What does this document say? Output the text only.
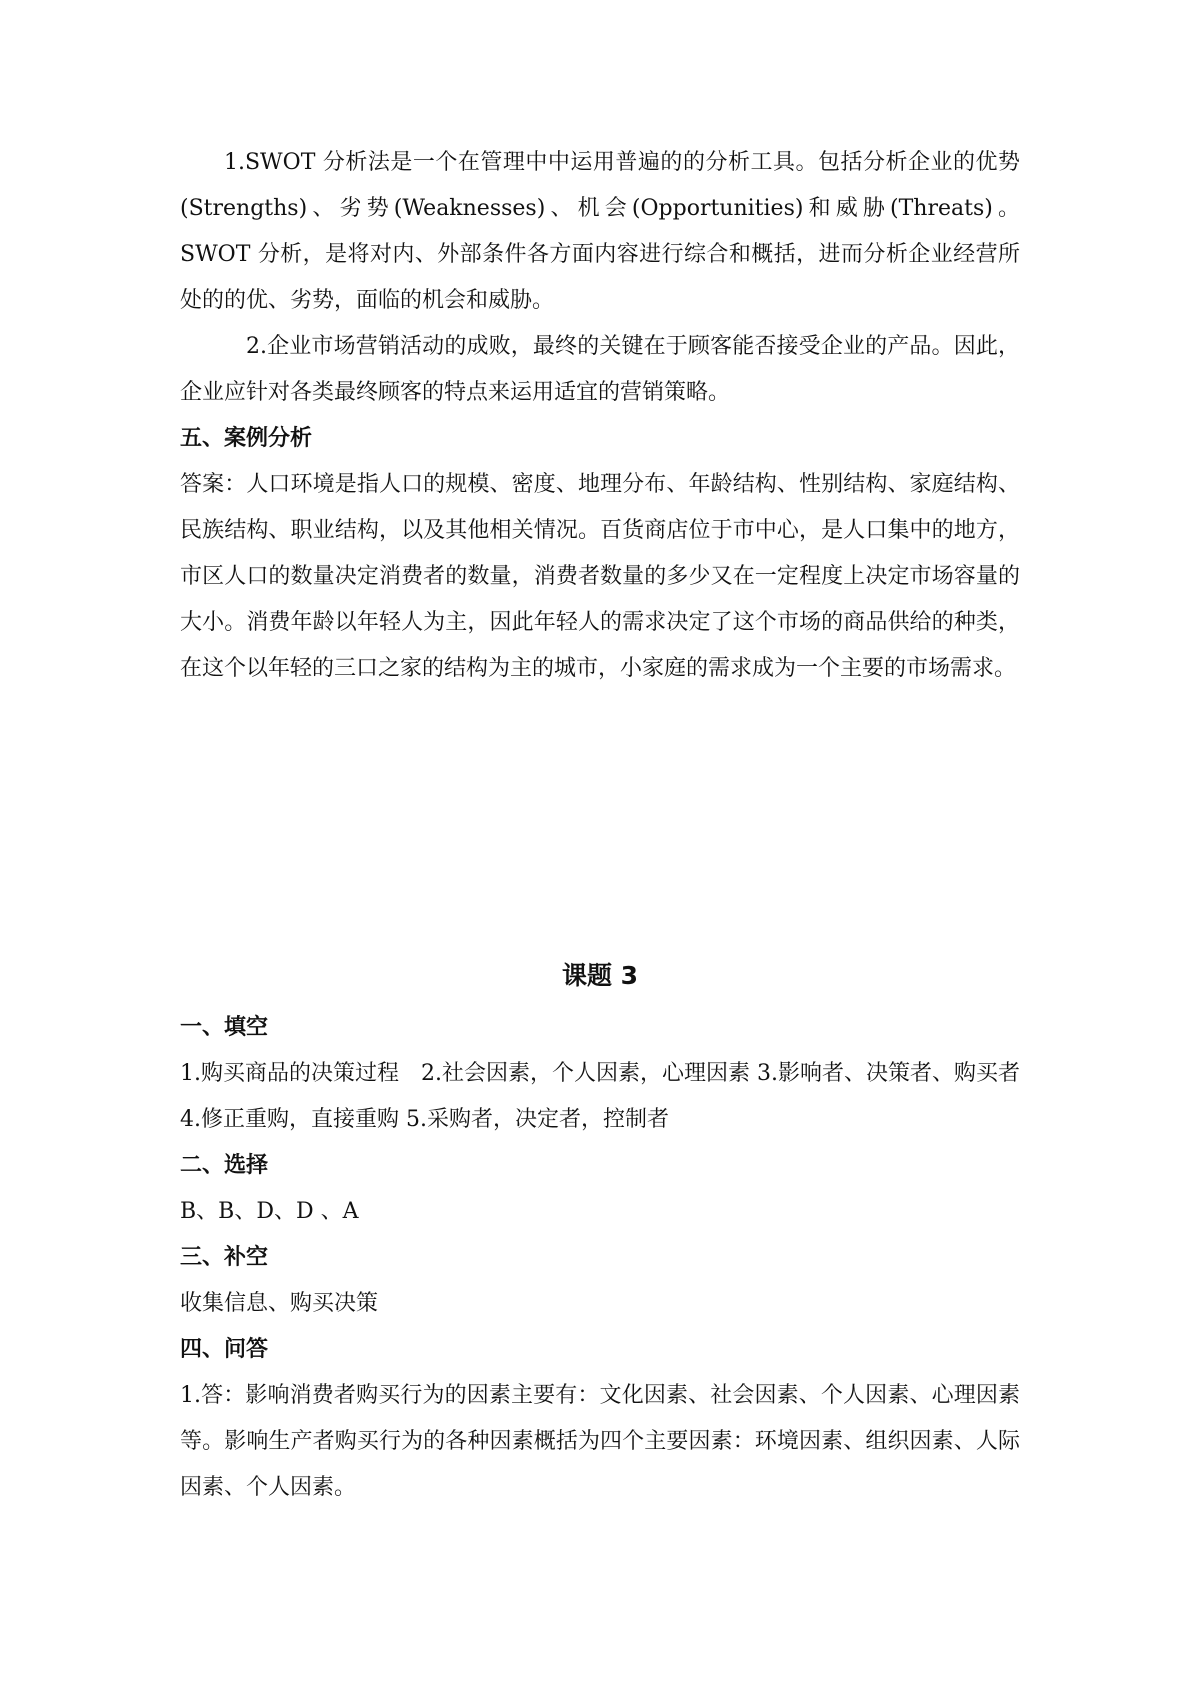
1.SWOT 分析法是一个在管理中中运用普遍的的分析工具。包括分析企业的优势(Strengths)、劣势(Weaknesses)、机会(Opportunities)和威胁(Threats)。SWOT 分析，是将对内、外部条件各方面内容进行综合和概括，进而分析企业经营所处的的优、劣势，面临的机会和威胁。

2.企业市场营销活动的成败，最终的关键在于顾客能否接受企业的产品。因此，企业应针对各类最终顾客的特点来运用适宜的营销策略。

五、案例分析

答案：人口环境是指人口的规模、密度、地理分布、年龄结构、性别结构、家庭结构、民族结构、职业结构，以及其他相关情况。百货商店位于市中心，是人口集中的地方，市区人口的数量决定消费者的数量，消费者数量的多少又在一定程度上决定市场容量的大小。消费年龄以年轻人为主，因此年轻人的需求决定了这个市场的商品供给的种类，在这个以年轻的三口之家的结构为主的城市，小家庭的需求成为一个主要的市场需求。

课题 3
一、填空

1.购买商品的决策过程　2.社会因素，个人因素，心理因素 3.影响者、决策者、购买者 4.修正重购，直接重购 5.采购者，决定者，控制者

二、选择

B、B、D、D 、A

三、补空

收集信息、购买决策

四、问答

1.答：影响消费者购买行为的因素主要有：文化因素、社会因素、个人因素、心理因素等。影响生产者购买行为的各种因素概括为四个主要因素：环境因素、组织因素、人际因素、个人因素。
